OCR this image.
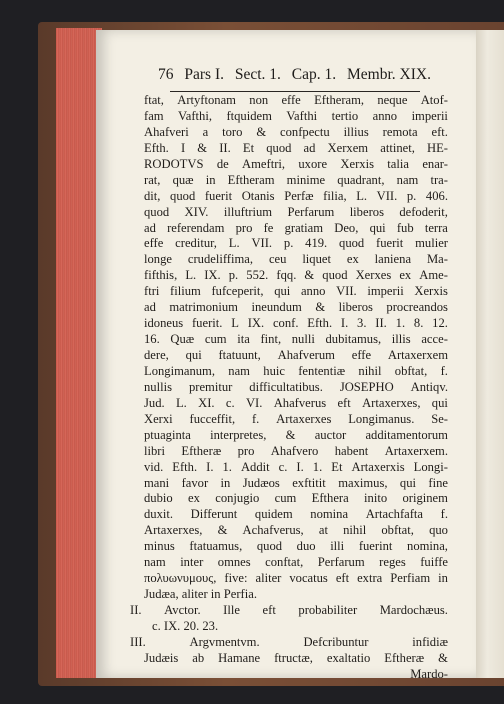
76 Pars I. Sect. 1. Cap. 1. Membr. XIX.
ftat, Artyftonam non effe Eftheram, neque Atof-
fam Vafthi, ftquidem Vafthi tertio anno imperii
Ahafveri a toro & confpectu illius remota eft.
Efth. I & II. Et quod ad Xerxem attinet, HE-
RODOTVS de Ameftri, uxore Xerxis talia enar-
rat, quæ in Eftheram minime quadrant, nam tra-
dit, quod fuerit Otanis Perfæ filia, L. VII. p. 406.
quod XIV. illuftrium Perfarum liberos defoderit,
ad referendam pro fe gratiam Deo, qui fub terra
effe creditur, L. VII. p. 419. quod fuerit mulier
longe crudeliffima, ceu liquet ex laniena Ma-
fifthis, L. IX. p. 552. fqq. & quod Xerxes ex Ame-
ftri filium fufceperit, qui anno VII. imperii Xerxis
ad matrimonium ineundum & liberos procreandos
idoneus fuerit. L IX. conf. Efth. I. 3. II. 1. 8. 12.
16. Quæ cum ita fint, nulli dubitamus, illis acce-
dere, qui ftatuunt, Ahafverum effe Artaxerxem
Longimanum, nam huic fententiæ nihil obftat, f.
nullis premitur difficultatibus. JOSEPHO Antiqv.
Jud. L. XI. c. VI. Ahafverus eft Artaxerxes, qui
Xerxi fucceffit, f. Artaxerxes Longimanus. Se-
ptuaginta interpretes, & auctor additamentorum
libri Eftheræ pro Ahafvero habent Artaxerxem.
vid. Efth. I. 1. Addit c. I. 1. Et Artaxerxis Longi-
mani favor in Judæos exftitit maximus, qui fine
dubio ex conjugio cum Efthera inito originem
duxit. Differunt quidem nomina Artachfafta f.
Artaxerxes, & Achafverus, at nihil obftat, quo
minus ftatuamus, quod duo illi fuerint nomina,
nam inter omnes conftat, Perfarum reges fuiffe
πολυωνυμους, five: aliter vocatus eft extra Perfiam in
Judæa, aliter in Perfia.
II. Avctor. Ille eft probabiliter Mardochæus.
c. IX. 20. 23.
III.	Argvmentvm.	Defcribuntur	infidiæ
Judæis ab Hamane ftructæ, exaltatio Eftheræ &
Mardo-
